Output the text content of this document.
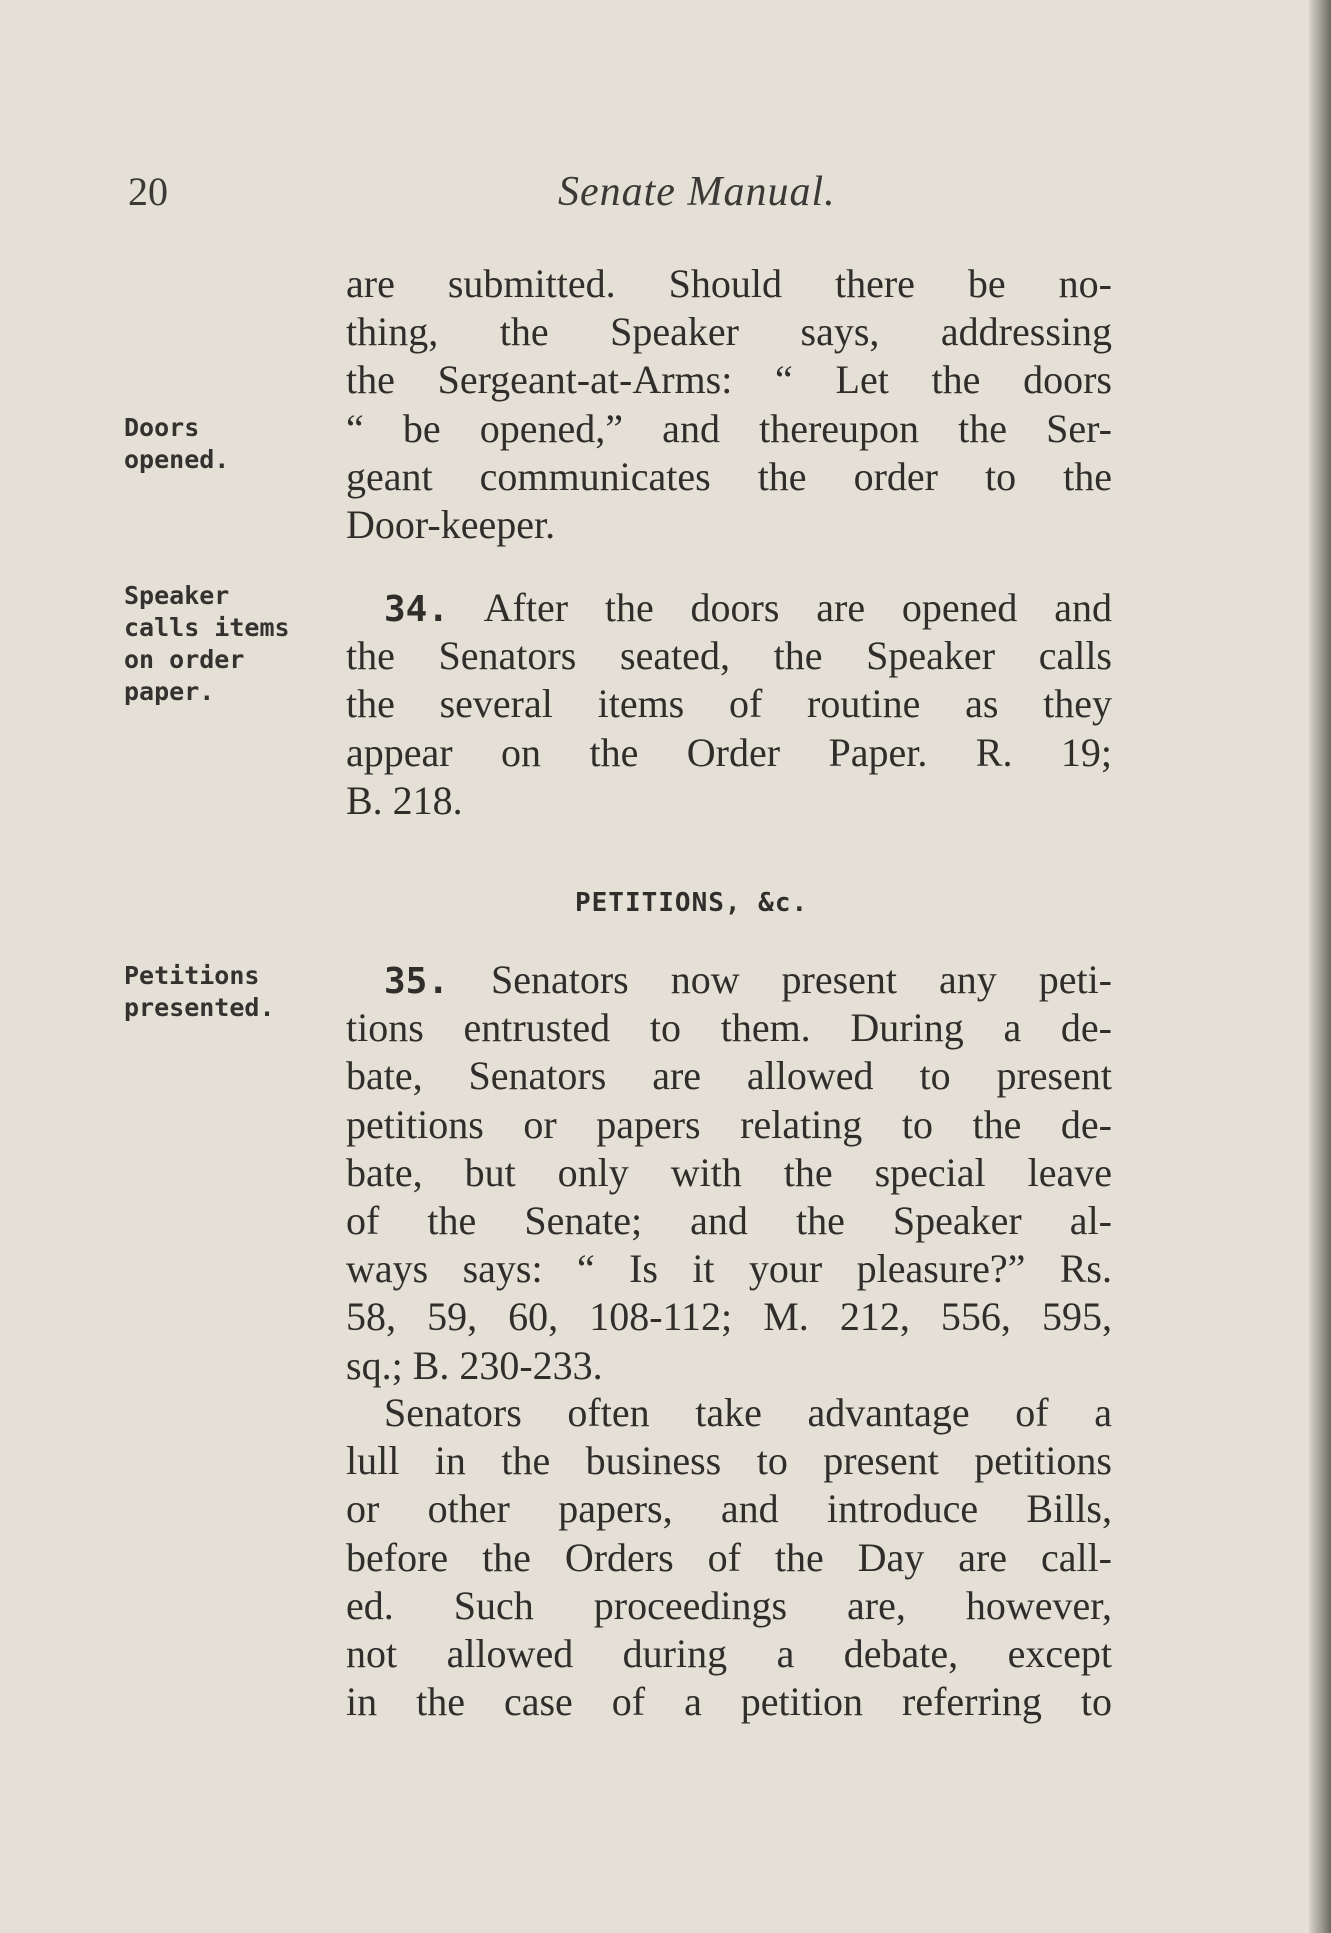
20	Senate Manual.
Doors
opened.
Speaker
calls items
on order
paper.
Petitions
presented.
are submitted. Should there be no-
thing, the Speaker says, addressing
the Sergeant-at-Arms: “ Let the doors
“ be opened,” and thereupon the Ser-
geant communicates the order to the
Door-keeper.
34. After the doors are opened and
the Senators seated, the Speaker calls
the several items of routine as they
appear on the Order Paper. R. 19;
B. 218.
PETITIONS, &c.
35. Senators now present any peti-
tions entrusted to them. During a de-
bate, Senators are allowed to present
petitions or papers relating to the de-
bate, but only with the special leave
of the Senate; and the Speaker al-
ways says: “ Is it your pleasure?” Rs.
58, 59, 60, 108-112; M. 212, 556, 595,
sq.; B. 230-233.
Senators often take advantage of a
lull in the business to present petitions
or other papers, and introduce Bills,
before the Orders of the Day are call-
ed. Such proceedings are, however,
not allowed during a debate, except
in the case of a petition referring to
